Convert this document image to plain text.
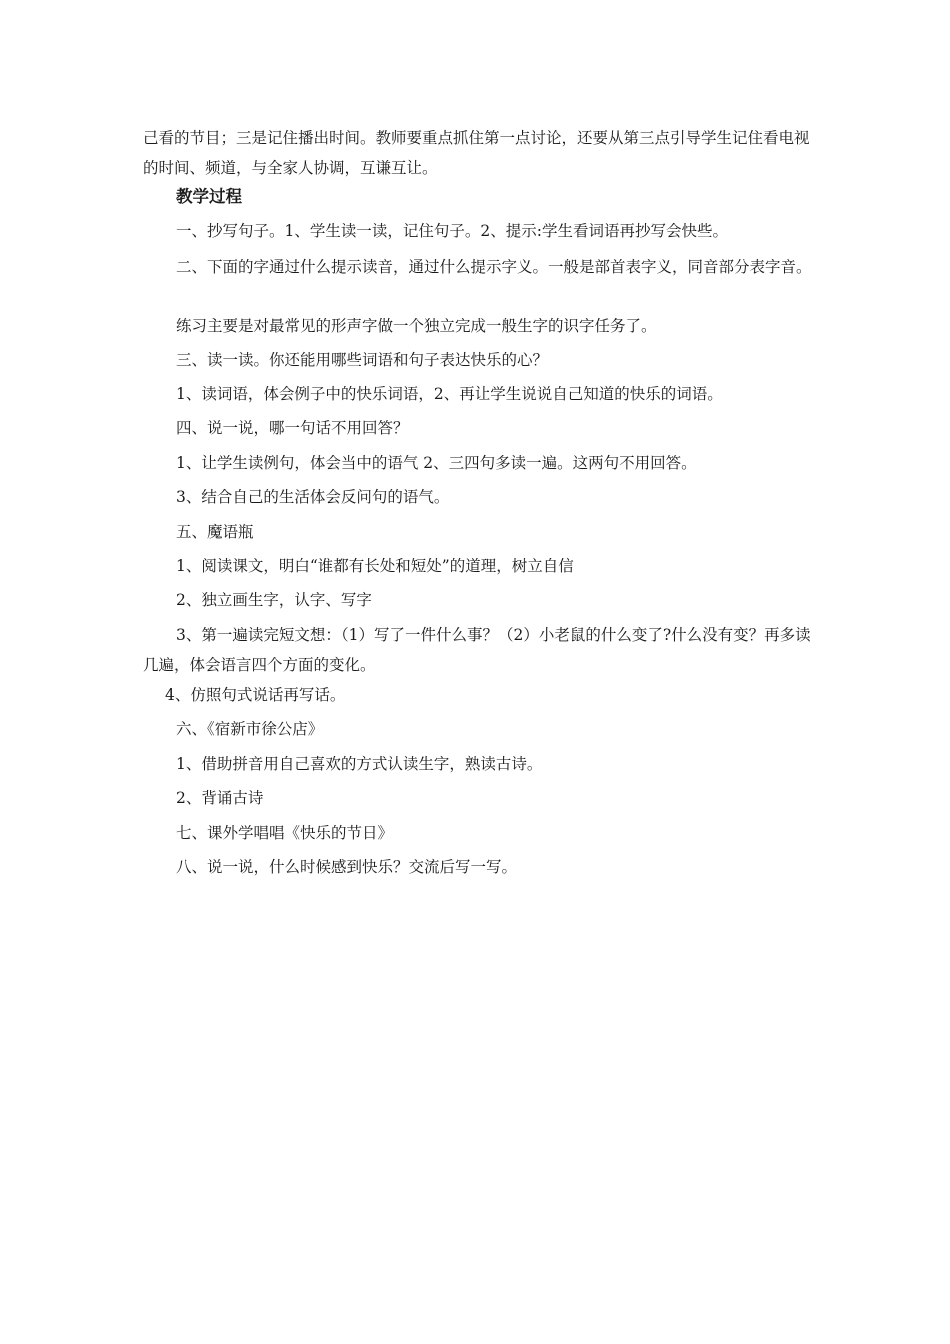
己看的节目；三是记住播出时间。教师要重点抓住第一点讨论，还要从第三点引导学生记住看电视的时间、频道，与全家人协调，互谦互让。

教学过程

一、抄写句子。1、学生读一读，记住句子。2、提示:学生看词语再抄写会快些。

二、下面的字通过什么提示读音，通过什么提示字义。一般是部首表字义，同音部分表字音。

练习主要是对最常见的形声字做一个独立完成一般生字的识字任务了。

三、读一读。你还能用哪些词语和句子表达快乐的心？

1、读词语，体会例子中的快乐词语，2、再让学生说说自己知道的快乐的词语。

四、说一说，哪一句话不用回答？

1、让学生读例句，体会当中的语气 2、三四句多读一遍。这两句不用回答。

3、结合自己的生活体会反问句的语气。

五、魔语瓶

1、阅读课文，明白“谁都有长处和短处”的道理，树立自信

2、独立画生字，认字、写字

3、第一遍读完短文想：（1）写了一件什么事？（2）小老鼠的什么变了?什么没有变？再多读几遍，体会语言四个方面的变化。

4、仿照句式说话再写话。

六、《宿新市徐公店》

1、借助拼音用自己喜欢的方式认读生字，熟读古诗。

2、背诵古诗

七、课外学唱唱《快乐的节日》

八、说一说，什么时候感到快乐？交流后写一写。
